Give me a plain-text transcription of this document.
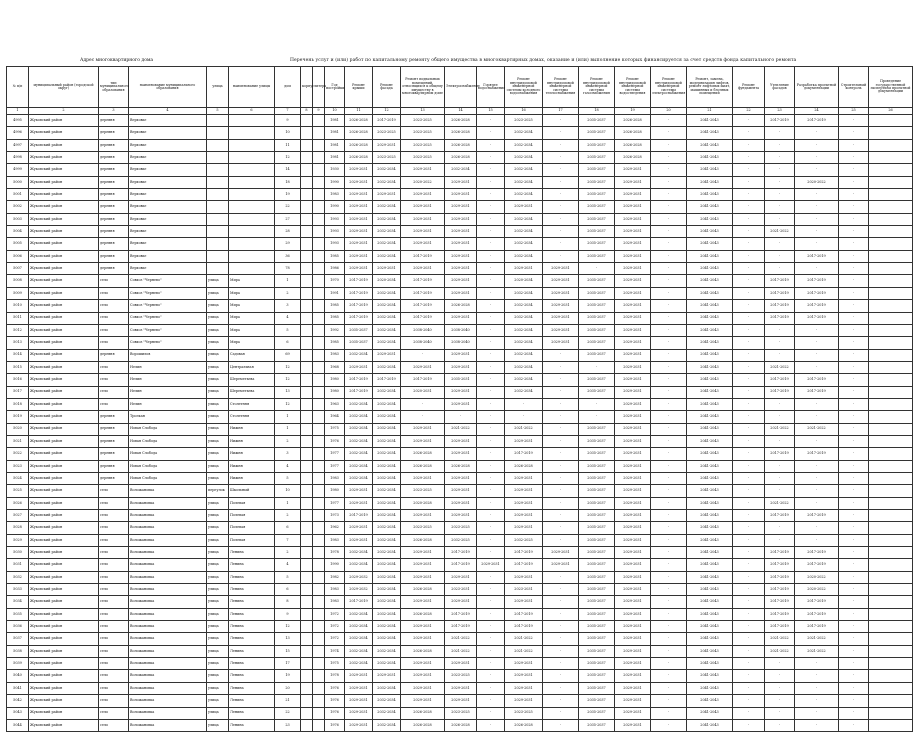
Адрес многоквартирного дома	Перечень услуг и (или) работ по капитальному ремонту общего имущества в многоквартирных домах, оказание и (или) выполнение которых финансируется за счет средств фонда капитального ремонта
№ п/п	муниципальный район (городской округ)	тип муниципального образования	наименование муниципального образования	улица	наименование улицы	дом	корпус	литера	Год постройки	Ремонт крыши	Ремонт фасада	Ремонт подвальных помещений, относящихся к общему имуществу в многоквартирном доме	Электроснабжение	Горячее водоснабжение	Ремонт внутридомовой инженерной системы холодного водоснабжения	Ремонт внутридомовой инженерной системы теплоснабжения	Ремонт внутридомовой инженерной системы газоснабжения	Ремонт внутридомовой инженерной системы водоотведения	Ремонт внутридомовой инженерной системы электроснабжения	Ремонт, замена, модернизация лифтов, ремонт лифтовых шахт, машинных и блочных помещений	Ремонт фундамента	Утепление фасадов	Разработка проектной документации	Строительный контроль	Проведение государственной экспертизы проектной документации
1	2	3	4	5	6	7	8	9	10	11	12	13	14	15	16	17	18	19	20	21	22	23	24	25	26
4995	Жуковский район	деревня	Верховье			9			1981	2026-2028	2017-2019	2023-2025	2026-2028	-	2023-2025	-	2035-2037	2026-2028	-	2041-2043	-	2017-2019	2017-2019	-	
4996	Жуковский район	деревня	Верховье			10			1981	2026-2028	2023-2025	2023-2025	2026-2028	-	2032-2034	-	2035-2037	2026-2028	-	2041-2043	-	-	-	-	
4997	Жуковский район	деревня	Верховье			11			1981	2026-2028	2029-2031	2023-2025	2026-2028	-	2032-2034	-	2035-2037	2026-2028	-	2041-2043	-	-	-	-	
4998	Жуковский район	деревня	Верховье			12			1981	2026-2028	2023-2025	2023-2025	2026-2028	-	2032-2034	-	2035-2037	2026-2028	-	2041-2043	-	-	-	-	
4999	Жуковский район	деревня	Верховье			14			1930	2029-2031	2032-2034	2029-2031	2032-2034	-	2032-2034	-	2035-2037	2029-2031	-	2041-2043	-	-	-	-	
5000	Жуковский район	деревня	Верховье			18			1990	2029-2031	2032-2034	2020-2022	2029-2031	-	2032-2034	-	2035-2037	2029-2031	-	2041-2043	-	-	2020-2022	-	
5001	Жуковский район	деревня	Верховье			19			1983	2029-2031	2029-2031	2029-2031	2029-2031	-	2032-2034	-	2035-2037	2029-2031	-	2041-2043	-	-	-	-	
5002	Жуковский район	деревня	Верховье			22			1990	2029-2031	2032-2034	2029-2031	2029-2031	-	2029-2031	-	2035-2037	2029-2031	-	2041-2043	-	-	-	-	
5003	Жуковский район	деревня	Верховье			27			1993	2029-2031	2032-2034	2029-2031	2029-2031	-	2032-2034	-	2035-2037	2029-2031	-	2041-2043	-	-	-	-	
5004	Жуковский район	деревня	Верховье			28			1993	2029-2031	2032-2034	2029-2031	2029-2031	-	2032-2034	-	2035-2037	2029-2031	-	2041-2043	-	2021-2022	-	-	
5005	Жуковский район	деревня	Верховье			29			1993	2029-2031	2032-2034	2029-2031	2029-2031	-	2032-2034	-	2035-2037	2029-2031	-	2041-2043	-	-	-	-	
5006	Жуковский район	деревня	Верховье			36			1985	2029-2031	2032-2034	2017-2019	2029-2031	-	2032-2034	-	2035-2037	2029-2031	-	2041-2043	-	-	2017-2019	-	
5007	Жуковский район	деревня	Верховье			78			1986	2029-2031	2029-2031	2029-2031	2029-2031	-	2029-2031	2029-2031	-	2029-2031	-	2041-2043	-	-	-	-	
5008	Жуковский район	село	Совхоз "Чернево"	улица	Мира	1			1970	2017-2019	2020-2034	2017-2019	2029-2031	-	2020-2034	2029-2031	2035-2037	2029-2031	-	2041-2043	-	2017-2019	2017-2019	-	
5009	Жуковский район	село	Совхоз "Чернево"	улица	Мира	2			1991	2017-2019	2032-2034	2017-2019	2029-2031	-	2032-2034	2029-2031	2035-2037	2029-2031	-	2041-2043	-	2017-2019	2017-2019	-	
5010	Жуковский район	село	Совхоз "Чернево"	улица	Мира	3			1985	2017-2019	2032-2034	2017-2019	2026-2028	-	2032-2034	2029-2031	2035-2037	2029-2031	-	2041-2043	-	2017-2019	2017-2019	-	
5011	Жуковский район	село	Совхоз "Чернево"	улица	Мира	4			1985	2017-2019	2032-2034	2017-2019	2029-2031	-	2032-2034	2029-2031	2035-2037	2029-2031	-	2041-2043	-	2017-2019	2017-2019	-	
5012	Жуковский район	село	Совхоз "Чернево"	улица	Мира	5			1992	2035-2037	2032-2034	2038-2040	2038-2040	-	2032-2034	2029-2031	2035-2037	2029-2031	-	2041-2043	-	-	-	-	
5013	Жуковский район	село	Совхоз "Чернево"	улица	Мира	6			1985	2035-2037	2032-2034	2038-2040	2038-2040	-	2032-2034	2029-2031	2035-2037	2029-2031	-	2041-2043	-	-	-	-	
5014	Жуковский район	деревня	Ворошилов	улица	Садовая	69			1983	2032-2034	2029-2031	-	2029-2031	-	2032-2034	-	2035-2037	2029-2031	-	2041-2043	-	-	-	-	
5015	Жуковский район	село	Нелин	улица	Центральная	12			1968	2029-2031	2032-2034	2029-2031	2029-2031	-	2032-2034	-	-	2029-2031	-	2041-2043	-	2021-2022	-	-	
5016	Жуковский район	село	Нелин	улица	Шереметьева	12			1980	2017-2019	2017-2019	2017-2019	2035-2031	-	2032-2034	-	2035-2037	2029-2031	-	2041-2043	-	2017-2019	2017-2019	-	
5017	Жуковский район	село	Нелин	улица	Шереметьева	13			1980	2017-2019	2032-2034	2020-2031	2029-2031	-	2032-2034	-	2035-2037	2029-2031	-	2041-2043	-	2017-2019	2017-2019	-	
5018	Жуковский район	село	Нелин	улица	Столетняя	12			1963	2032-2034	2032-2034	-	2029-2031	-	-	-	-	2029-2031	-	2041-2043	-	-	-	-	
5019	Жуковский район	деревня	Троекан	улица	Столетняя	1			1964	2032-2034	2032-2034	-	-	-	-	-	-	2029-2031	-	2041-2043	-	-	-	-	
5020	Жуковский район	деревня	Новая Слобода	улица	Нижня	1			1975	2032-2034	2032-2034	2029-2031	2021-2022	-	2021-2022	-	2035-2037	2029-2031	-	2041-2043	-	2021-2022	2021-2022	-	
5021	Жуковский район	деревня	Новая Слобода	улица	Нижня	2			1976	2032-2034	2032-2034	2029-2031	2029-2031	-	2029-2031	-	2035-2037	2029-2031	-	2041-2043	-	-	-	-	
5022	Жуковский район	деревня	Новая Слобода	улица	Нижня	3			1977	2032-2034	2032-2034	2026-2028	2029-2031	-	2017-2019	-	2035-2037	2029-2031	-	2041-2043	-	2017-2019	2017-2019	-	
5023	Жуковский район	деревня	Новая Слобода	улица	Нижня	4			1977	2032-2034	2032-2034	2026-2028	2026-2028	-	2026-2028	-	2035-2037	2029-2031	-	2041-2043	-	-	-	-	
5024	Жуковский район	деревня	Новая Слобода	улица	Нижня	5			1983	2032-2034	2032-2034	2029-2031	2029-2031	-	2029-2031	-	2035-2037	2029-2031	-	2041-2043	-	-	-	-	
5025	Жуковский район	село	Воложановка	переулок	Школьный	10			1980	2029-2031	2032-2034	2023-2025	2029-2031	-	2029-2031	-	2035-2037	2029-2031	-	2041-2043	-	-	-	-	
5026	Жуковский район	село	Воложановка	улица	Полевая	1			1977	2029-2031	2032-2034	2020-2028	2029-2031	-	2029-2031	-	2035-2037	2029-2031	-	2041-2043	-	2021-2022	-	-	
5027	Жуковский район	село	Воложановка	улица	Полевая	2			1973	2017-2019	2032-2034	2029-2031	2029-2031	-	2029-2031	-	2035-2037	2029-2031	-	2041-2043	-	2017-2019	2017-2019	-	
5028	Жуковский район	село	Воложановка	улица	Полевая	6			1962	2029-2031	2032-2034	2023-2025	2023-2025	-	2029-2031	-	2035-2037	2029-2031	-	2041-2043	-	-	-	-	
5029	Жуковский район	село	Воложановка	улица	Полевая	7			1983	2029-2031	2032-2034	2026-2028	2032-2025	-	2032-2025	-	2035-2037	2029-2031	-	2041-2043	-	-	-	-	
5030	Жуковский район	село	Воложановка	улица	Ленина	2			1978	2032-2034	2032-2034	2029-2031	2017-2019	-	2017-2019	2029-2031	2035-2037	2029-2031	-	2041-2043	-	2017-2019	2017-2019	-	
5031	Жуковский район	село	Воложановка	улица	Ленина	4			1990	2032-2034	2032-2034	2029-2031	2017-2019	2029-2031	2017-2019	2029-2031	2035-2037	2029-2031	-	2041-2043	-	2017-2019	2017-2019	-	
5032	Жуковский район	село	Воложановка	улица	Ленина	5			1982	2029-2032	2032-2034	2029-2031	2029-2031	-	2029-2031	-	2035-2037	2029-2031	-	2041-2043	-	2017-2019	2020-2022	-	
5033	Жуковский район	село	Воложановка	улица	Ленина	6			1983	2029-2032	2032-2034	2026-2028	2023-2031	-	2023-2031	-	2035-2037	2029-2031	-	2041-2043	-	2017-2019	2020-2022	-	
5034	Жуковский район	село	Воложановка	улица	Ленина	8			1983	2017-2019	2032-2034	2029-2031	2029-2031	-	2029-2031	-	2035-2037	2029-2031	-	2041-2043	-	2017-2019	2017-2019	-	
5035	Жуковский район	село	Воложановка	улица	Ленина	9			1972	2032-2034	2032-2034	2026-2028	2017-2019	-	2017-2019	-	2035-2037	2029-2031	-	2041-2043	-	2017-2019	2017-2019	-	
5036	Жуковский район	село	Воложановка	улица	Ленина	12			1972	2032-2034	2032-2034	2029-2031	2017-2019	-	2017-2019	-	2035-2037	2029-2031	-	2041-2043	-	2017-2019	2017-2019	-	
5037	Жуковский район	село	Воложановка	улица	Ленина	13			1972	2032-2034	2032-2034	2029-2031	2021-2022	-	2021-2022	-	2035-2037	2029-2031	-	2041-2043	-	2021-2022	2021-2022	-	
5038	Жуковский район	село	Воложановка	улица	Ленина	15			1974	2032-2034	2032-2034	2026-2028	2021-2022	-	2021-2022	-	2035-2037	2029-2031	-	2041-2043	-	2021-2022	2021-2022	-	
5039	Жуковский район	село	Воложановка	улица	Ленина	17			1975	2032-2034	2032-2034	2029-2031	2029-2031	-	2029-2031	-	2035-2037	2029-2031	-	2041-2043	-	-	-	-	
5040	Жуковский район	село	Воложановка	улица	Ленина	19			1978	2029-2031	2029-2031	2029-2031	2023-2025	-	2029-2031	-	2035-2037	2029-2031	-	2041-2043	-	-	-	-	
5041	Жуковский район	село	Воложановка	улица	Ленина	20			1976	2029-2031	2032-2034	2029-2031	2029-2031	-	2029-2031	-	2035-2037	2029-2031	-	2041-2043	-	-	-	-	
5042	Жуковский район	село	Воложановка	улица	Ленина	21			1976	2029-2031	2032-2034	2029-2031	2029-2031	-	2029-2031	-	2035-2037	2029-2031	-	2041-2043	-	-	-	-	
5043	Жуковский район	село	Воложановка	улица	Ленина	22			1976	2029-2031	2032-2034	2026-2028	2023-2025	-	2023-2025	-	2035-2037	2029-2031	-	2041-2043	-	-	-	-	
5044	Жуковский район	село	Воложановка	улица	Ленина	23			1976	2029-2031	2032-2034	2026-2028	2026-2028	-	2026-2028	-	2035-2037	2029-2031	-	2041-2043	-	-	-	-	
